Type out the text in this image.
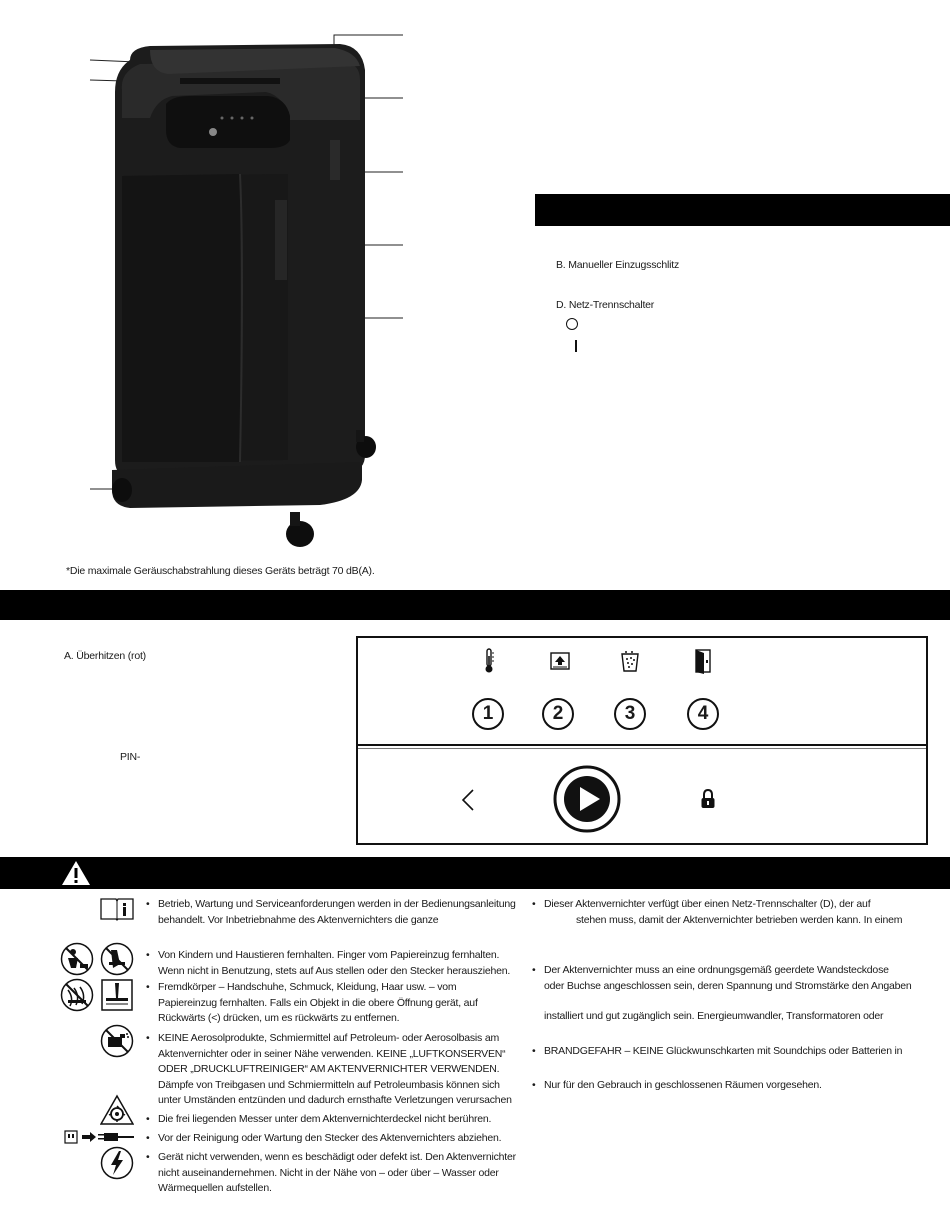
*Die maximale Geräuschabstrahlung dieses Geräts beträgt 70 dB(A).
B. Manueller Einzugsschlitz
D. Netz-Trennschalter
A. Überhitzen (rot)
PIN-
1	2	3	4
• Betrieb, Wartung und Serviceanforderungen werden in der Bedienungsanleitung behandelt. Vor Inbetriebnahme des Aktenvernichters die ganze
• Von Kindern und Haustieren fernhalten. Finger vom Papiereinzug fernhalten. Wenn nicht in Benutzung, stets auf Aus stellen oder den Stecker herausziehen.
• Fremdkörper – Handschuhe, Schmuck, Kleidung, Haar usw. – vom Papiereinzug fernhalten. Falls ein Objekt in die obere Öffnung gerät, auf Rückwärts (<) drücken, um es rückwärts zu entfernen.
• KEINE Aerosolprodukte, Schmiermittel auf Petroleum- oder Aerosolbasis am Aktenvernichter oder in seiner Nähe verwenden. KEINE „LUFTKONSERVEN“ ODER „DRUCKLUFTREINIGER“ AM AKTENVERNICHTER VERWENDEN. Dämpfe von Treibgasen und Schmiermitteln auf Petroleumbasis können sich unter Umständen entzünden und dadurch ernsthafte Verletzungen verursachen
• Die frei liegenden Messer unter dem Aktenvernichterdeckel nicht berühren.
• Vor der Reinigung oder Wartung den Stecker des Aktenvernichters abziehen.
• Gerät nicht verwenden, wenn es beschädigt oder defekt ist. Den Aktenvernichter nicht auseinandernehmen. Nicht in der Nähe von – oder über – Wasser oder Wärmequellen aufstellen.
• Dieser Aktenvernichter verfügt über einen Netz-Trennschalter (D), der auf
stehen muss, damit der Aktenvernichter betrieben werden kann. In einem
• Der Aktenvernichter muss an eine ordnungsgemäß geerdete Wandsteckdose
oder Buchse angeschlossen sein, deren Spannung und Stromstärke den Angaben

installiert und gut zugänglich sein. Energieumwandler, Transformatoren oder
• BRANDGEFAHR – KEINE Glückwunschkarten mit Soundchips oder Batterien in
• Nur für den Gebrauch in geschlossenen Räumen vorgesehen.
